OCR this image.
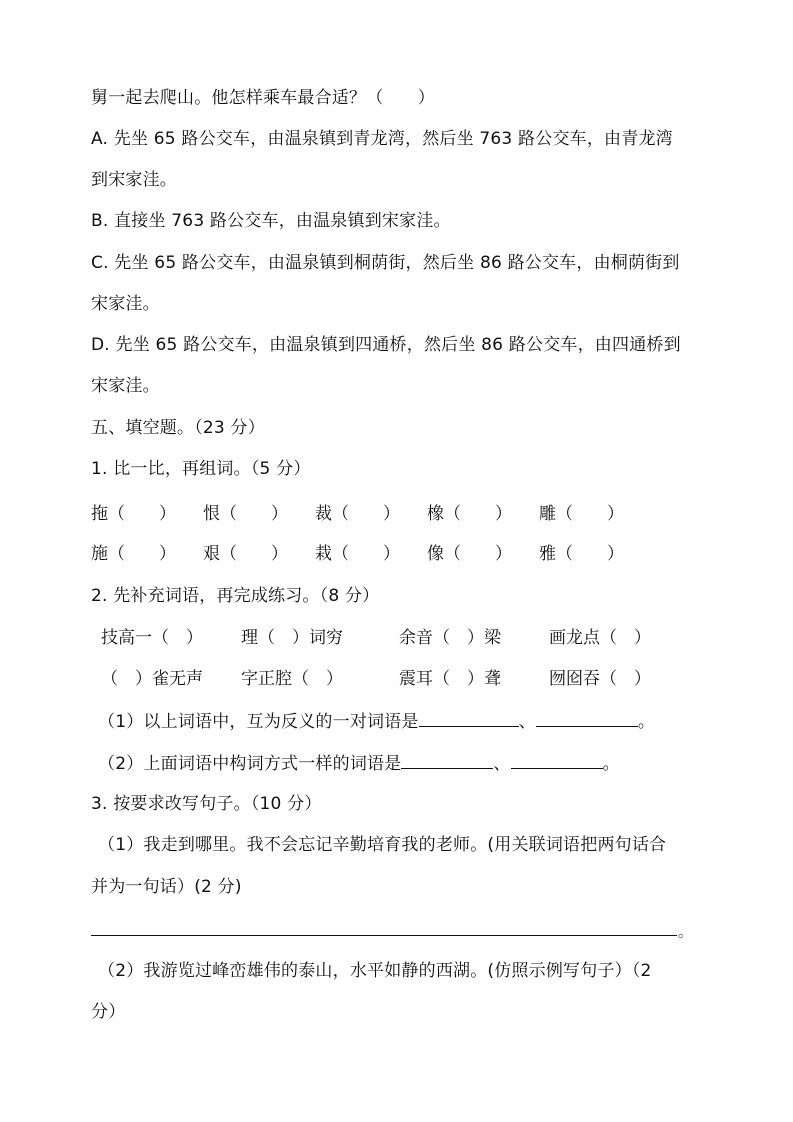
舅一起去爬山。他怎样乘车最合适？（　　）
A. 先坐 65 路公交车，由温泉镇到青龙湾，然后坐 763 路公交车，由青龙湾
到宋家洼。
B. 直接坐 763 路公交车，由温泉镇到宋家洼。
C. 先坐 65 路公交车，由温泉镇到桐荫街，然后坐 86 路公交车，由桐荫街到
宋家洼。
D. 先坐 65 路公交车，由温泉镇到四通桥，然后坐 86 路公交车，由四通桥到
宋家洼。
五、填空题。（23 分）
1. 比一比，再组词。（5 分）
拖（　　） 恨（　　） 裁（　　） 橡（　　） 雕（　　）
施（　　） 艰（　　） 栽（　　） 像（　　） 雅（　　）
2. 先补充词语，再完成练习。（8 分）
技高一（　） 理（　）词穷	余音（　）梁	画龙点（　）
（　）雀无声 字正腔（　）	震耳（　）聋	囫囵吞（　）
（1）以上词语中，互为反义的一对词语是	、	。
（2）上面词语中构词方式一样的词语是	、	。
3. 按要求改写句子。（10 分）
（1）我走到哪里。我不会忘记辛勤培育我的老师。(用关联词语把两句话合
并为一句话）(2 分)
。
（2）我游览过峰峦雄伟的泰山，水平如静的西湖。(仿照示例写句子）（2
分）
